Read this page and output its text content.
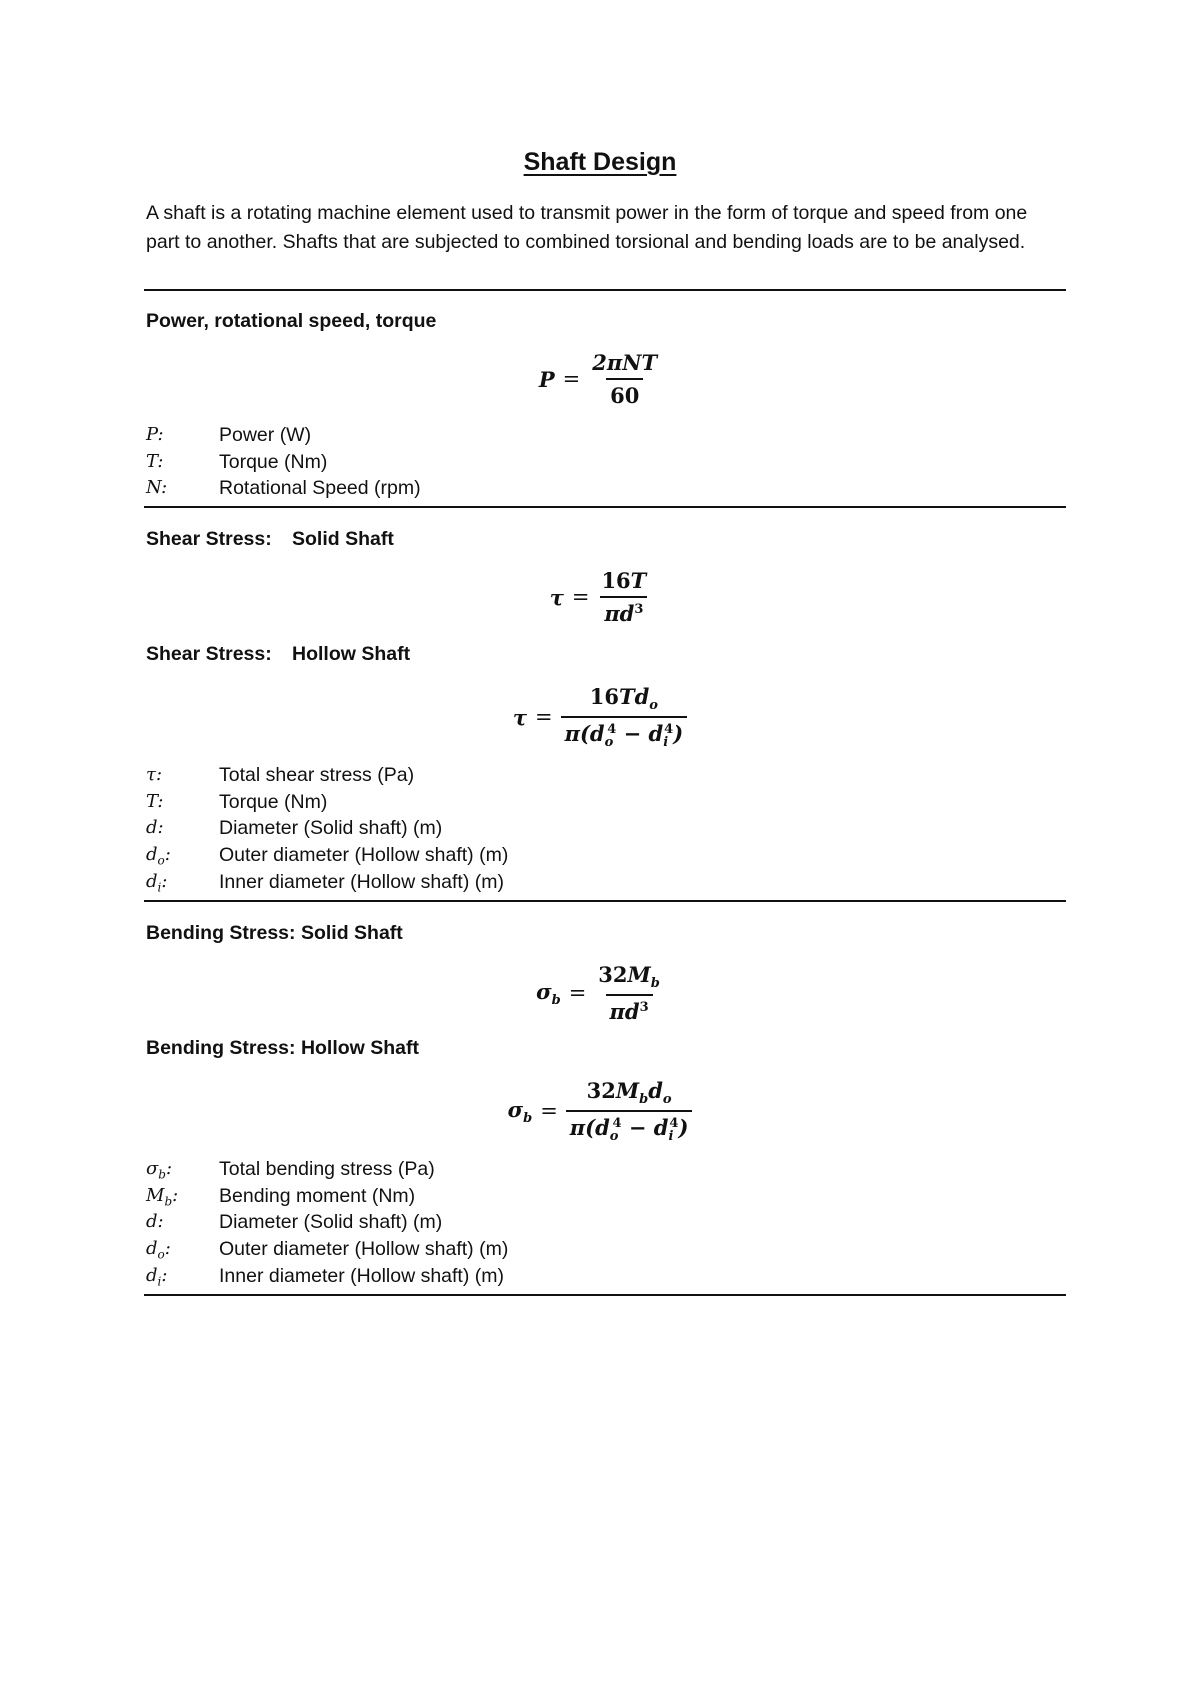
Shaft Design
A shaft is a rotating machine element used to transmit power in the form of torque and speed from one part to another. Shafts that are subjected to combined torsional and bending loads are to be analysed.
Power, rotational speed, torque
$P = \frac{\text{2πNT}}{60}$
P:	Power (W)
T:	Torque (Nm)
N:	Rotational Speed (rpm)
Shear Stress: Solid Shaft
$\tau = \frac{16T}{\pi d^3}$
Shear Stress: Hollow Shaft
$\tau = \frac{16Td_o}{\pi(d_o^4 - d_i^4)}$
τ:	Total shear stress (Pa)
T:	Torque (Nm)
d:	Diameter (Solid shaft) (m)
$d_o$: Outer diameter (Hollow shaft) (m)
$d_i$:	Inner diameter (Hollow shaft) (m)
Bending Stress: Solid Shaft
$\sigma_b = \frac{32M_b}{\pi d^3}$
Bending Stress: Hollow Shaft
$\sigma_b = \frac{32M_bd_o}{\pi(d_o^4 - d_i^4)}$
$\sigma_b$: Total bending stress (Pa)
$M_b$: Bending moment (Nm)
d:	Diameter (Solid shaft) (m)
$d_o$: Outer diameter (Hollow shaft) (m)
$d_i$:	Inner diameter (Hollow shaft) (m)
